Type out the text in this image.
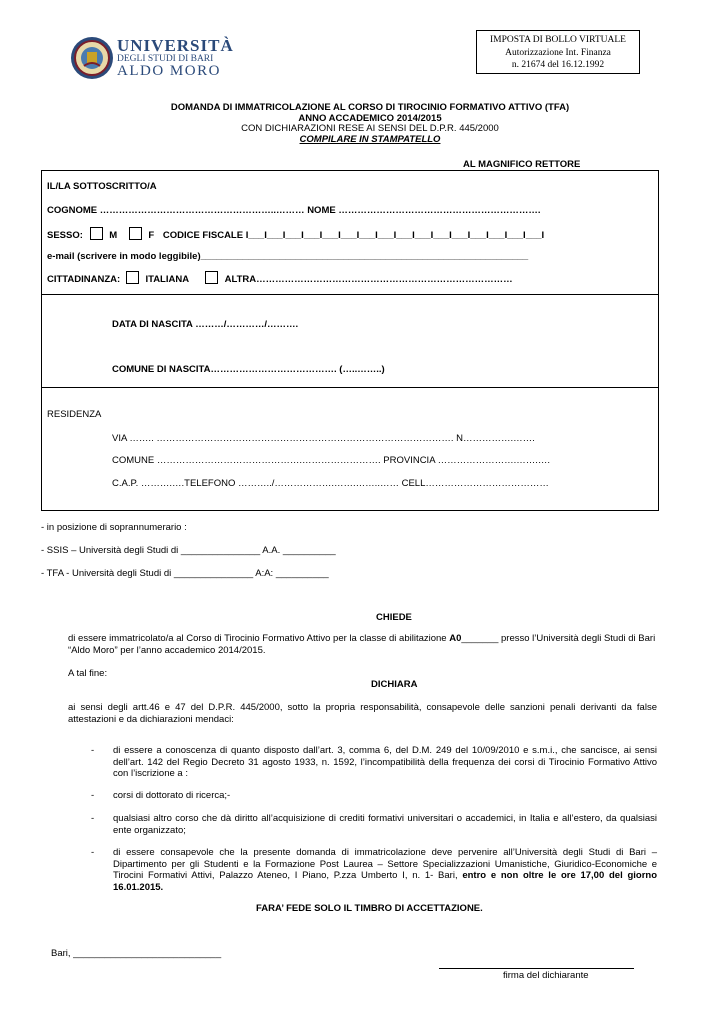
UNIVERSITÀ
DEGLI STUDI DI BARI
ALDO MORO
IMPOSTA DI BOLLO VIRTUALE
Autorizzazione Int. Finanza
n. 21674 del 16.12.1992
DOMANDA DI IMMATRICOLAZIONE AL CORSO DI TIROCINIO FORMATIVO ATTIVO (TFA)
ANNO ACCADEMICO 2014/2015
CON DICHIARAZIONI RESE AI SENSI DEL D.P.R. 445/2000
COMPILARE IN STAMPATELLO
AL MAGNIFICO RETTORE
IL/LA SOTTOSCRITTO/A
COGNOME ………………………………………………..……… NOME ……………………………………………………….
SESSO:	M	F CODICE FISCALE I___I___I___I___I___I___I___I___I___I___I___I___I___I___I___I___I
e-mail (scrivere in modo leggibile)______________________________________________________________
CITTADINANZA:	ITALIANA	ALTRA………………………………………………………………………
DATA DI NASCITA ………/…………/……….
COMUNE DI NASCITA…………………………………. (…..……..)
RESIDENZA
VIA …….. …………………………………………………………………………………. N…………….…….
COMUNE ……………………………………….……………………. PROVINCIA …………………….…….….
C.A.P. ……….….TELEFONO ………../……………….…….……..…… CELL…………………………………
- in posizione di soprannumerario :
- SSIS – Università degli Studi di _______________ A.A. __________
- TFA - Università degli Studi di _______________ A:A: __________
CHIEDE
di essere immatricolato/a al Corso di Tirocinio Formativo Attivo per la classe di abilitazione A0_______ presso l’Università degli Studi di Bari “Aldo Moro” per l’anno accademico 2014/2015.
A tal fine:
DICHIARA
ai sensi degli artt.46 e 47 del D.P.R. 445/2000, sotto la propria responsabilità, consapevole delle sanzioni penali derivanti da false attestazioni e da dichiarazioni mendaci:
- di essere a conoscenza di quanto disposto dall’art. 3, comma 6, del D.M. 249 del 10/09/2010 e s.m.i., che sancisce, ai sensi dell’art. 142 del Regio Decreto 31 agosto 1933, n. 1592, l’incompatibilità della frequenza dei corsi di Tirocinio Formativo Attivo con l’iscrizione a :
- corsi di dottorato di ricerca;-
- qualsiasi altro corso che dà diritto all’acquisizione di crediti formativi universitari o accademici, in Italia e all’estero, da qualsiasi ente organizzato;
- di essere consapevole che la presente domanda di immatricolazione deve pervenire all’Università degli Studi di Bari – Dipartimento per gli Studenti e la Formazione Post Laurea – Settore Specializzazioni Umanistiche, Giuridico-Economiche e Tirocini Formativi Attivi, Palazzo Ateneo, I Piano, P.zza Umberto I, n. 1- Bari, entro e non oltre le ore 17,00 del giorno 16.01.2015.
FARA’ FEDE SOLO IL TIMBRO DI ACCETTAZIONE.
Bari, ____________________________
firma del dichiarante
